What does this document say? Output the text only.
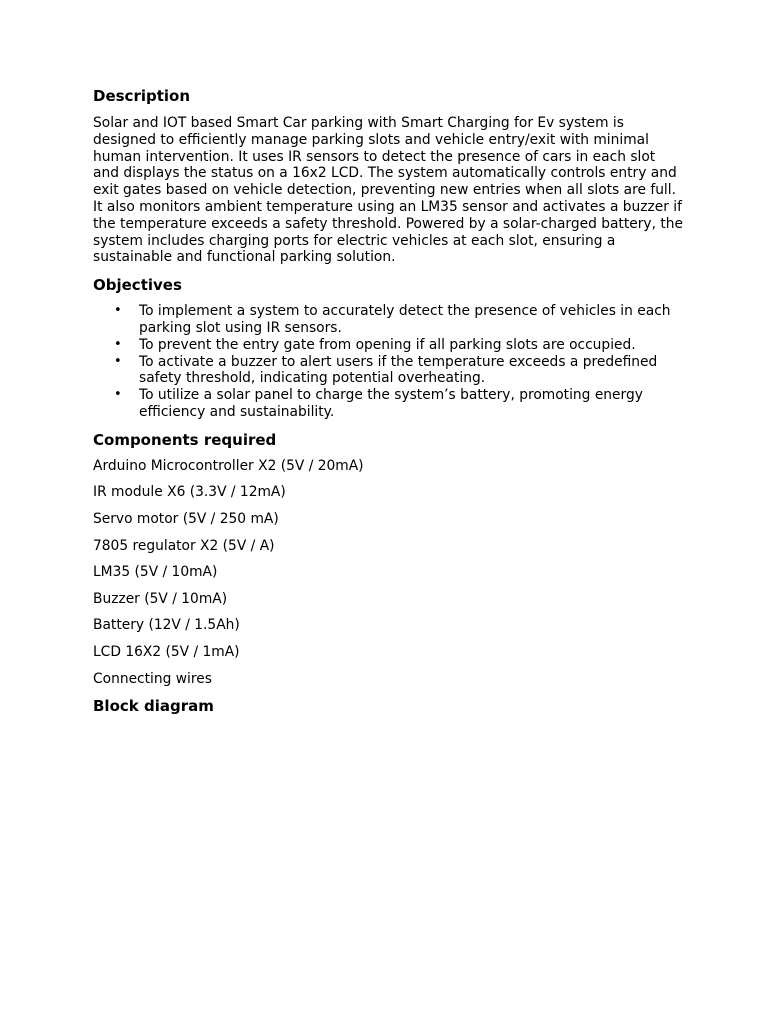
Description

Solar and IOT based Smart Car parking with Smart Charging for Ev system is designed to efficiently manage parking slots and vehicle entry/exit with minimal human intervention. It uses IR sensors to detect the presence of cars in each slot and displays the status on a 16x2 LCD. The system automatically controls entry and exit gates based on vehicle detection, preventing new entries when all slots are full. It also monitors ambient temperature using an LM35 sensor and activates a buzzer if the temperature exceeds a safety threshold. Powered by a solar-charged battery, the system includes charging ports for electric vehicles at each slot, ensuring a sustainable and functional parking solution.

Objectives
• To implement a system to accurately detect the presence of vehicles in each parking slot using IR sensors.
• To prevent the entry gate from opening if all parking slots are occupied.
• To activate a buzzer to alert users if the temperature exceeds a predefined safety threshold, indicating potential overheating.
• To utilize a solar panel to charge the system’s battery, promoting energy efficiency and sustainability.
Components required
Arduino Microcontroller X2 (5V / 20mA)
IR module X6 (3.3V / 12mA)
Servo motor (5V / 250 mA)
7805 regulator X2 (5V / A)
LM35 (5V / 10mA)
Buzzer (5V / 10mA)
Battery (12V / 1.5Ah)
LCD 16X2 (5V / 1mA)
Connecting wires
Block diagram
